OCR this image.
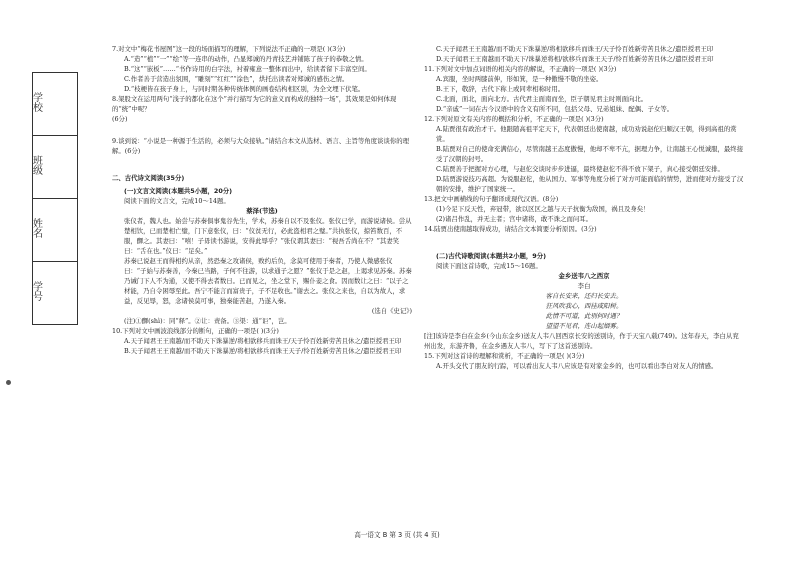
学 校
班 级
姓 名
学 号

7.对文中“梅花书屋图”这一段的场面描写的理解，下列说法不正确的一项是( )(3分)

A.“造”“植”“一”“绘”等一连串的动作，凸显郑诚的丹青技艺并铺陈了孩子的恭敬之情。

B.“这”“嵌板”……“书作诗用的白字法，衬着雍意一整体而出中，给读者留下丰富空间。

C.作者善于营造出氛围，“雕刻”“红红”“涂色”，烘托出读者对郑诚的感伤之情。

D.“枝梗皆在孩子身上，与同时期各种传统体例的画卷结构相区别，为全文埋下伏笔。

8.架股文在运用两句“浅子的都化在这个”并行描写为它的意义而构成的独特一场”，其效果是如何体现的“统”中呢？

(6分)

9.谈到说：“小说是一种源于生活的，必须与大众接轨。”请结合本文从选材、语言、主旨等角度谈谈你的理解。(6分)

二、古代诗文阅读(35分)

(一)文言文阅读(本题共5小题，20分)

阅读下面的文言文，完成10～14题。

蔡泽(节选)

张仪者，魏人也。始尝与苏秦俱事鬼谷先生，学术，苏秦自以不及张仪。张仪已学，而游说诸侯。尝从楚相饮，已而楚相亡璧，门下意张仪，曰：“仪贫无行，必此盗相君之璧。”共执张仪，掠笞数百，不服，醳之。其妻曰：“嘻！子毋读书游说，安得此辱乎？”张仪谓其妻曰：“视吾舌尚在不？”其妻笑曰：“舌在也。”仪曰：“足矣。”

苏秦已说赵王而得相约从亲，然恐秦之攻诸侯，败约后负，念莫可使用于秦者，乃使人微感张仪曰：“子始与苏秦善，今秦已当路，子何不往游，以求通子之愿？”张仪于是之赵，上谒求见苏秦。苏秦乃诫门下人不为通，又使不得去者数日。已而见之，坐之堂下，赐仆妾之食。因而数让之曰：“以子之材能，乃自令困辱至此。吾宁不能言而富贵子，子不足收也。”谢去之。张仪之来也，自以为故人，求益，反见辱，怒，念诸侯莫可事，独秦能苦赵，乃遂入秦。

(选自《史记》)

(注)①醳(shì)：同“释”。②让：责备。③渠：通“讵”，岂。

10.下列对文中画波浪线部分的断句，正确的一项是( )(3分)

A.天子闻君王王南越/而不助天下诛暴逆/将相欲移兵而诛王/天子怜百姓新劳苦且休之/遣臣授君王印

B.天子闻君王王南越/而不助天下诛暴逆/将相欲移兵而诛王天子/怜百姓新劳苦且休之/遣臣授君王印

C.天子闻君王王南越/而不助天下诛暴逆/将相欲移兵而诛王/天子怜百姓新劳苦且休之/遣臣授君王印

D.天子闻君王王南越而不助天下/诛暴逆将相/欲移兵而诛王天子/怜百姓新劳苦且休之/遣臣授君王印

11.下列对文中加点词语的相关内容的解说，不正确的一项是( )(3分)

A.宾服，坐时两膝前伸，形如箕，是一种傲慢不敬的坐姿。

B.王下，敬辞，古代下称上或同辈相称时用。

C.北面，面北，面向北方。古代君主面南而坐，臣子朝见君主时则面向北。

D.“亲戚”一词在古今汉语中的含义有所不同，包括父母、兄弟姐妹、配偶、子女等。

12.下列对原文有关内容的概括和分析，不正确的一项是( )(3分)

A.陆贾很有政治才干。他跟随高祖平定天下，代表朝廷出使南越，成功劝说赵佗归顺汉王朝，得到高祖的赏赏。

B.陆贾对自己的使命充满信心，尽管南越王态度傲慢，他却不卑不亢，据理力争，让南越王心悦诚服，最终接受了汉朝的封号。

C.陆贾善于把握对方心理，与赵佗交谈时步步进逼，最终使赵佗不得不放下架子，真心接受朝廷安排。

D.陆贾游说技巧高超。为说服赵佗，他从国力、军事等角度分析了对方可能面临的情势，进而使对方接受了汉朝的安排，维护了国家统一。

13.把文中画横线的句子翻译成现代汉语。(8分)

(1)今足下反天性，弃冠带，欲以区区之越与天子抗衡为敌国，祸且及身矣！

(2)诸吕作乱，并无主者；宫中诸将，敢不诛之而问耳。

14.陆贾出使南越取得成功，请结合文本简要分析原因。(3分)

(二)古代诗歌阅读(本题共2小题，9分)

阅读下面这首诗歌，完成15～16题。

金乡送韦八之西京

李白

客自长安来，还归长安去。

狂风吹我心，西挂咸阳树。

此情不可道，此别何时遇？

望望不见君，连山起烟雾。

[注]该诗是李白在金乡(今山东金乡)送友人韦八回西京长安的送别诗，作于天宝八载(749)。这年春天，李白从兖州出发，东游齐鲁，在金乡遇友人韦八，写下了这首送别诗。

15.下列对这首诗的理解和赏析，不正确的一项是( )(3分)

A.开头交代了朋友的行踪，可以看出友人韦八应该是有对家金乡的，也可以看出李白对友人的情感。

高一语文 B 第 3 页 (共 4 页)
